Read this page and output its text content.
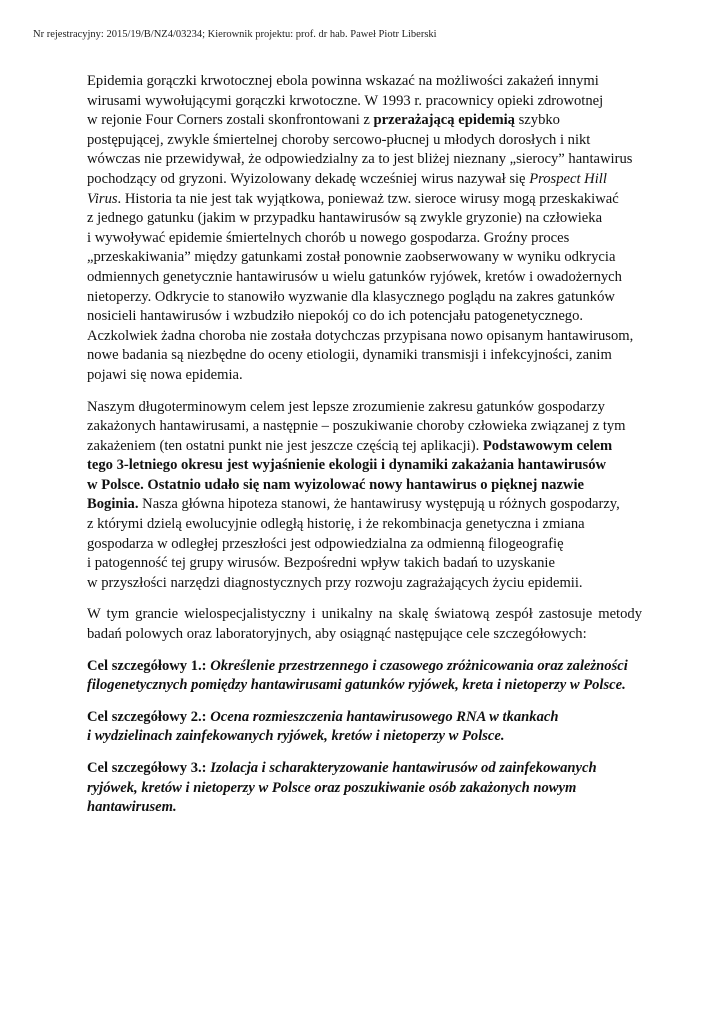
Nr rejestracyjny: 2015/19/B/NZ4/03234; Kierownik projektu: prof. dr hab. Paweł Piotr Liberski
Epidemia gorączki krwotocznej ebola powinna wskazać na możliwości zakażeń innymi
wirusami wywołującymi gorączki krwotoczne. W 1993 r. pracownicy opieki zdrowotnej
w rejonie Four Corners zostali skonfrontowani z przerażającą epidemią szybko
postępującej, zwykle śmiertelnej choroby sercowo-płucnej u młodych dorosłych i nikt
wówczas nie przewidywał, że odpowiedzialny za to jest bliżej nieznany „sierocy” hantawirus
pochodzący od gryzoni. Wyizolowany dekadę wcześniej wirus nazywał się Prospect Hill
Virus. Historia ta nie jest tak wyjątkowa, ponieważ tzw. sieroce wirusy mogą przeskakiwać
z jednego gatunku (jakim w przypadku hantawirusów są zwykle gryzonie) na człowieka
i wywoływać epidemie śmiertelnych chorób u nowego gospodarza. Groźny proces
„przeskakiwania” między gatunkami został ponownie zaobserwowany w wyniku odkrycia
odmiennych genetycznie hantawirusów u wielu gatunków ryjówek, kretów i owadożernych
nietoperzy. Odkrycie to stanowiło wyzwanie dla klasycznego poglądu na zakres gatunków
nosicieli hantawirusów i wzbudziło niepokój co do ich potencjału patogenetycznego.
Aczkolwiek żadna choroba nie została dotychczas przypisana nowo opisanym hantawirusom,
nowe badania są niezbędne do oceny etiologii, dynamiki transmisji i infekcyjności, zanim
pojawi się nowa epidemia.
Naszym długoterminowym celem jest lepsze zrozumienie zakresu gatunków gospodarzy
zakażonych hantawirusami, a następnie – poszukiwanie choroby człowieka związanej z tym
zakażeniem (ten ostatni punkt nie jest jeszcze częścią tej aplikacji). Podstawowym celem
tego 3-letniego okresu jest wyjaśnienie ekologii i dynamiki zakażania hantawirusów
w Polsce. Ostatnio udało się nam wyizolować nowy hantawirus o pięknej nazwie
Boginia. Nasza główna hipoteza stanowi, że hantawirusy występują u różnych gospodarzy,
z którymi dzielą ewolucyjnie odległą historię, i że rekombinacja genetyczna i zmiana
gospodarza w odległej przeszłości jest odpowiedzialna za odmienną filogeografię
i patogenność tej grupy wirusów. Bezpośredni wpływ takich badań to uzyskanie
w przyszłości narzędzi diagnostycznych przy rozwoju zagrażających życiu epidemii.
W tym grancie wielospecjalistyczny i unikalny na skalę światową zespół zastosuje metody
badań polowych oraz laboratoryjnych, aby osiągnąć następujące cele szczegółowych:
Cel szczegółowy 1.: Określenie przestrzennego i czasowego zróżnicowania oraz zależności
filogenetycznych pomiędzy hantawirusami gatunków ryjówek, kreta i nietoperzy w Polsce.
Cel szczegółowy 2.: Ocena rozmieszczenia hantawirusowego RNA w tkankach
i wydzielinach zainfekowanych ryjówek, kretów i nietoperzy w Polsce.
Cel szczegółowy 3.: Izolacja i scharakteryzowanie hantawirusów od zainfekowanych
ryjówek, kretów i nietoperzy w Polsce oraz poszukiwanie osób zakażonych nowym
hantawirusem.
